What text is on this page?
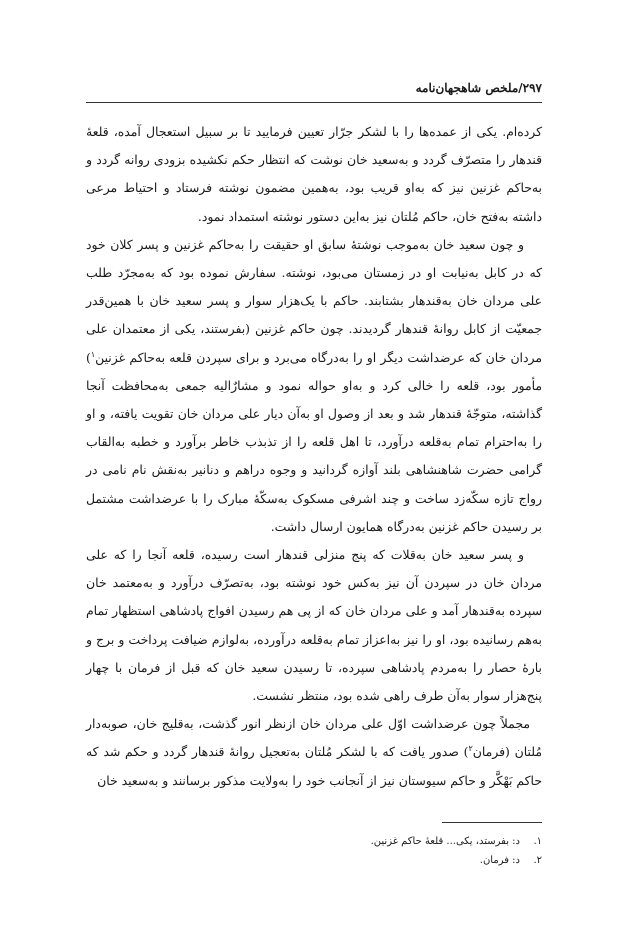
۲۹۷/ملخص شاهجهان‌نامه

کرده‌ام. یکی از عمده‌ها را با لشکر جرّار تعیین فرمایید تا بر سبیل استعجال آمده، قلعهٔ قندهار را متصرّف گردد و به‌سعید خان نوشت که انتظار حکم نکشیده بزودی روانه گردد و به‌حاکم غزنین نیز که به‌او قریب بود، به‌همین مضمون نوشته فرستاد و احتیاط مرعی داشته به‌فتح خان، حاکم مُلتان نیز به‌این دستور نوشته استمداد نمود.

و چون سعید خان به‌موجب نوشتهٔ سابق او حقیقت را به‌حاکم غزنین و پسر کلان خود که در کابل به‌نیابت او در زمستان می‌بود، نوشته. سفارش نموده بود که به‌مجرّد طلب علی مردان خان به‌قندهار بشتابند. حاکم با یک‌هزار سوار و پسر سعید خان با همین‌قدر جمعیّت از کابل روانهٔ قندهار گردیدند. چون حاکم غزنین (بفرستند، یکی از معتمدان علی مردان خان که عرضداشت دیگر او را به‌درگاه می‌برد و برای سپردن قلعه به‌حاکم غزنین$^۱$) مأمور بود، قلعه را خالی کرد و به‌او حواله نمود و مشارٌالیه جمعی به‌محافظت آنجا گذاشته، متوجّهٔ قندهار شد و بعد از وصول او به‌آن دیار علی مردان خان تقویت یافته، و او را به‌احترام تمام به‌قلعه درآورد، تا اهل قلعه را از تذبذب خاطر برآورد و خطبه به‌القاب گرامی حضرت شاهنشاهی بلند آوازه گردانید و وجوه دراهم و دنانیر به‌نقش نام نامی در رواج تازه سکّه‌زد ساخت و چند اشرفی مسکوک به‌سکّهٔ مبارک را با عرضداشت مشتمل بر رسیدن حاکم غزنین به‌درگاه همایون ارسال داشت.

و پسر سعید خان به‌قلات که پنج منزلی قندهار است رسیده، قلعه آنجا را که علی مردان خان در سپردن آن نیز به‌کس خود نوشته بود، به‌تصرّف درآورد و به‌معتمد خان سپرده به‌قندهار آمد و علی مردان خان که از پی هم رسیدن افواج پادشاهی استظهار تمام به‌هم رسانیده بود، او را نیز به‌اعزاز تمام به‌قلعه درآورده، به‌لوازم ضیافت پرداخت و برج و بارهٔ حصار را به‌مردم پادشاهی سپرده، تا رسیدن سعید خان که قبل از فرمان با چهار پنج‌هزار سوار به‌آن طرف راهی شده بود، منتظر نشست.

مجملاً چون عرضداشت اوّل علی مردان خان ازنظر انور گذشت، به‌قلیج خان، صوبه‌دار مُلتان (فرمان$^۲$) صدور یافت که با لشکر مُلتان به‌تعجیل روانهٔ قندهار گردد و حکم شد که حاکم بَهْکَّر و حاکم سیوستان نیز از آنجانب خود را به‌ولایت مذکور برسانند و به‌سعید خان

۱.
د: بفرستد، یکی... قلعهٔ حاکم غزنین.
۲.
د: فرمان.
